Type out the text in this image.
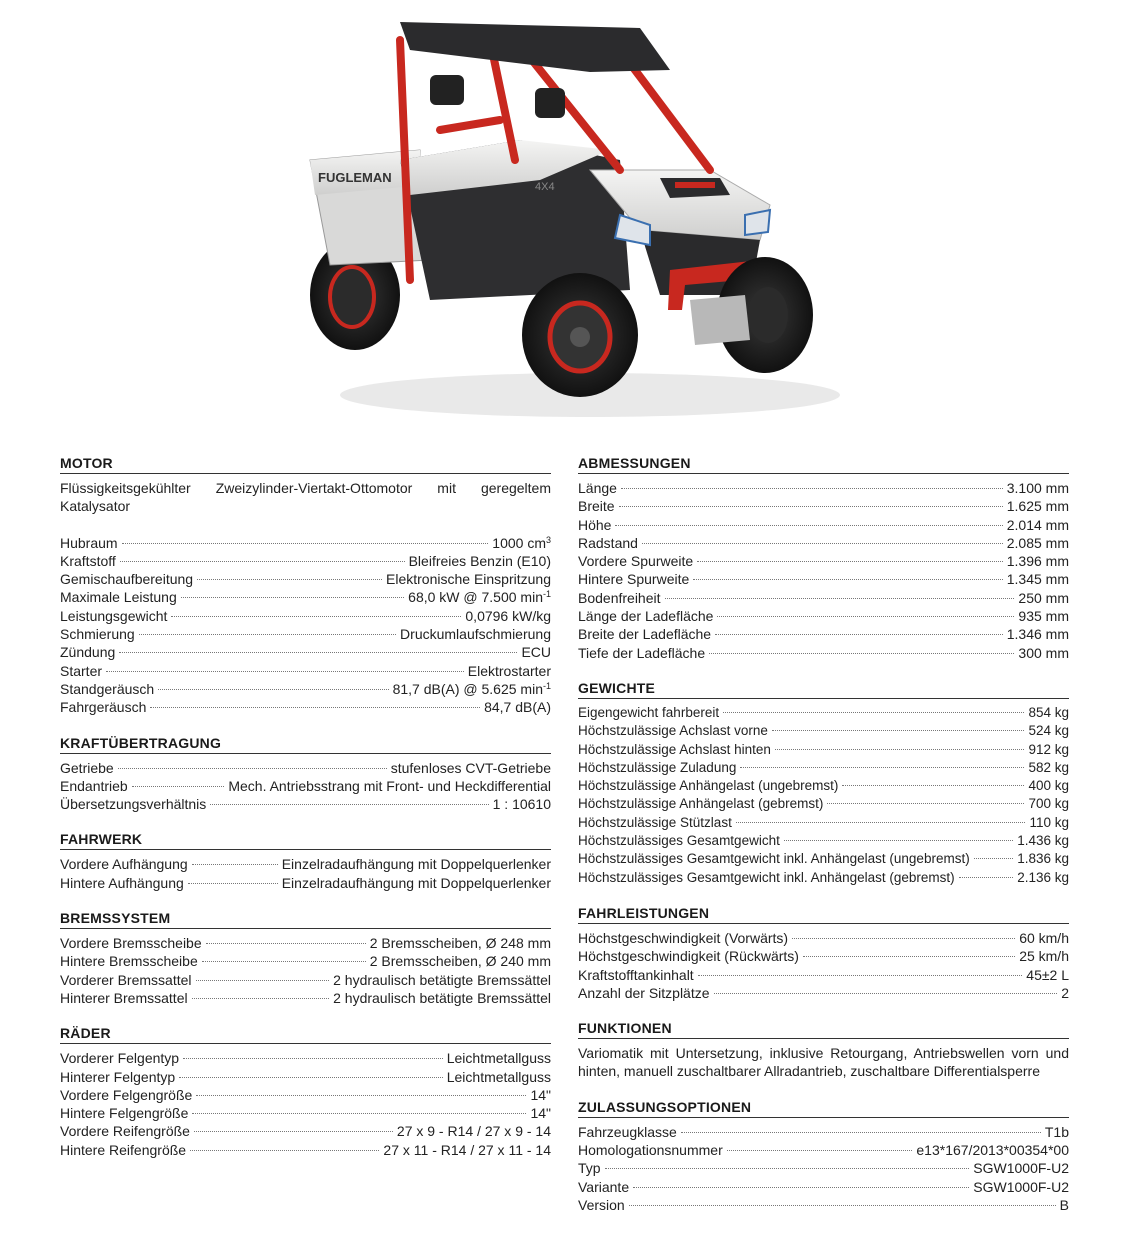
FUGLEMAN
4X4
MOTOR
Flüssigkeitsgekühlter Zweizylinder-Viertakt-Ottomotor mit geregeltem Katalysator
Hubraum	1000 $cm^3$
Kraftstoff	Bleifreies Benzin (E10)
Gemischaufbereitung	Elektronische Einspritzung
Maximale Leistung	68,0 kW @ 7.500 $\min^{-1}$
Leistungsgewicht	0,0796 kW/kg
Schmierung	Druckumlaufschmierung
Zündung	ECU
Starter	Elektrostarter
Standgeräusch	81,7 dB(A) @ 5.625 $\min^{-1}$
Fahrgeräusch	84,7 dB(A)
KRAFTÜBERTRAGUNG
Getriebe	stufenloses CVT-Getriebe
Endantrieb	Mech. Antriebsstrang mit Front- und Heckdifferential
Übersetzungsverhältnis	1 : 10610
FAHRWERK
Vordere Aufhängung	Einzelradaufhängung mit Doppelquerlenker
Hintere Aufhängung	Einzelradaufhängung mit Doppelquerlenker
BREMSSYSTEM
Vordere Bremsscheibe	2 Bremsscheiben, Ø 248 mm
Hintere Bremsscheibe	2 Bremsscheiben, Ø 240 mm
Vorderer Bremssattel	2 hydraulisch betätigte Bremssättel
Hinterer Bremssattel	2 hydraulisch betätigte Bremssättel
RÄDER
Vorderer Felgentyp	Leichtmetallguss
Hinterer Felgentyp	Leichtmetallguss
Vordere Felgengröße	14"
Hintere Felgengröße	14"
Vordere Reifengröße	27 x 9 - R14 / 27 x 9 - 14
Hintere Reifengröße	27 x 11 - R14 / 27 x 11 - 14
ABMESSUNGEN
Länge	3.100 mm
Breite	1.625 mm
Höhe	2.014 mm
Radstand	2.085 mm
Vordere Spurweite	1.396 mm
Hintere Spurweite	1.345 mm
Bodenfreiheit	250 mm
Länge der Ladefläche	935 mm
Breite der Ladefläche	1.346 mm
Tiefe der Ladefläche	300 mm
GEWICHTE
Eigengewicht fahrbereit	854 kg
Höchstzulässige Achslast vorne	524 kg
Höchstzulässige Achslast hinten	912 kg
Höchstzulässige Zuladung	582 kg
Höchstzulässige Anhängelast (ungebremst)	400 kg
Höchstzulässige Anhängelast (gebremst)	700 kg
Höchstzulässige Stützlast	110 kg
Höchstzulässiges Gesamtgewicht	1.436 kg
Höchstzulässiges Gesamtgewicht inkl. Anhängelast (ungebremst)	1.836 kg
Höchstzulässiges Gesamtgewicht inkl. Anhängelast (gebremst)	2.136 kg
FAHRLEISTUNGEN
Höchstgeschwindigkeit (Vorwärts)	60 km/h
Höchstgeschwindigkeit (Rückwärts)	25 km/h
Kraftstofftankinhalt	45±2 L
Anzahl der Sitzplätze	2
FUNKTIONEN
Variomatik mit Untersetzung, inklusive Retourgang, Antriebswellen vorn und hinten, manuell zuschaltbarer Allradantrieb, zuschaltbare Differentialsperre
ZULASSUNGSOPTIONEN
Fahrzeugklasse	T1b
Homologationsnummer	e13*167/2013*00354*00
Typ	SGW1000F-U2
Variante	SGW1000F-U2
Version	B
